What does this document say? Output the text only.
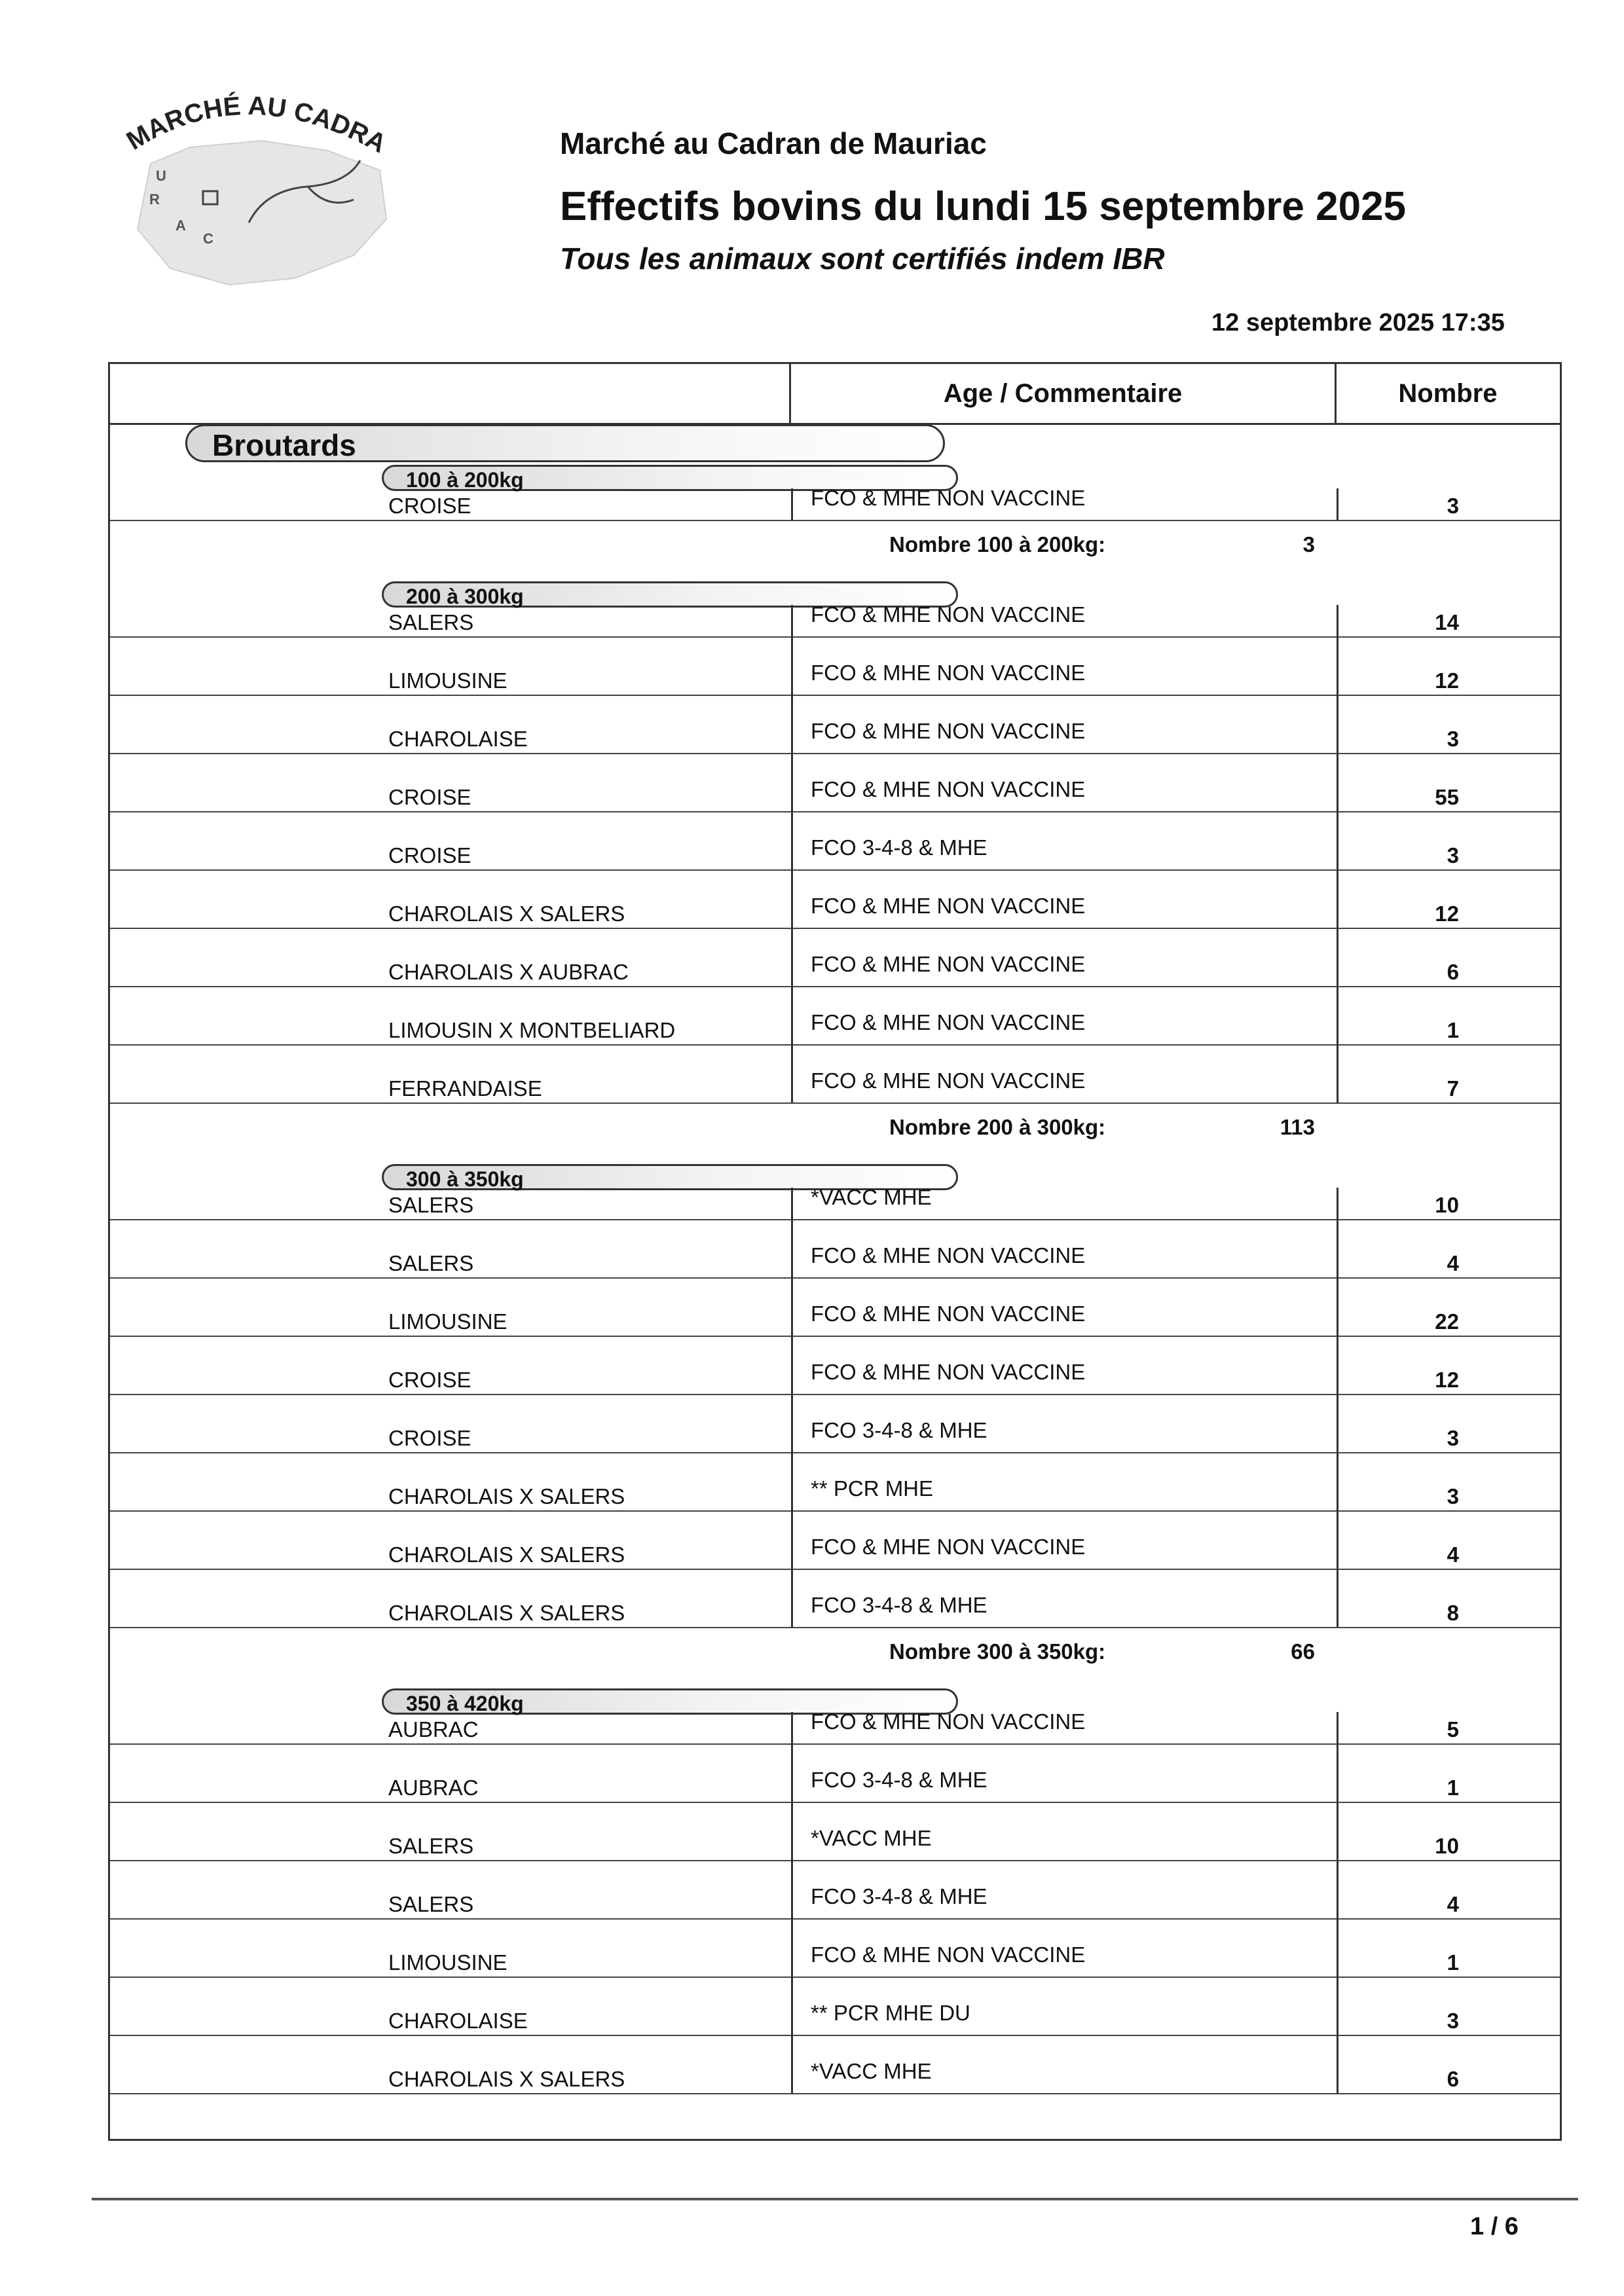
MARCHÉ AU CADRA
U
R
A
C
Marché au Cadran de Mauriac
Effectifs bovins du lundi 15 septembre 2025
Tous les animaux sont certifiés indem IBR
12 septembre 2025 17:35
Age / Commentaire	Nombre
Broutards
100 à 200kg
CROISE	FCO & MHE NON VACCINE	3
Nombre 100 à 200kg:	3
200 à 300kg
SALERS	FCO & MHE NON VACCINE	14
LIMOUSINE	FCO & MHE NON VACCINE	12
CHAROLAISE	FCO & MHE NON VACCINE	3
CROISE	FCO & MHE NON VACCINE	55
CROISE	FCO 3-4-8 & MHE	3
CHAROLAIS X SALERS	FCO & MHE NON VACCINE	12
CHAROLAIS X AUBRAC	FCO & MHE NON VACCINE	6
LIMOUSIN X MONTBELIARD	FCO & MHE NON VACCINE	1
FERRANDAISE	FCO & MHE NON VACCINE	7
Nombre 200 à 300kg:	113
300 à 350kg
SALERS	*VACC MHE	10
SALERS	FCO & MHE NON VACCINE	4
LIMOUSINE	FCO & MHE NON VACCINE	22
CROISE	FCO & MHE NON VACCINE	12
CROISE	FCO 3-4-8 & MHE	3
CHAROLAIS X SALERS	** PCR MHE	3
CHAROLAIS X SALERS	FCO & MHE NON VACCINE	4
CHAROLAIS X SALERS	FCO 3-4-8 & MHE	8
Nombre 300 à 350kg:	66
350 à 420kg
AUBRAC	FCO & MHE NON VACCINE	5
AUBRAC	FCO 3-4-8 & MHE	1
SALERS	*VACC MHE	10
SALERS	FCO 3-4-8 & MHE	4
LIMOUSINE	FCO & MHE NON VACCINE	1
CHAROLAISE	** PCR MHE DU	3
CHAROLAIS X SALERS	*VACC MHE	6
1 / 6
